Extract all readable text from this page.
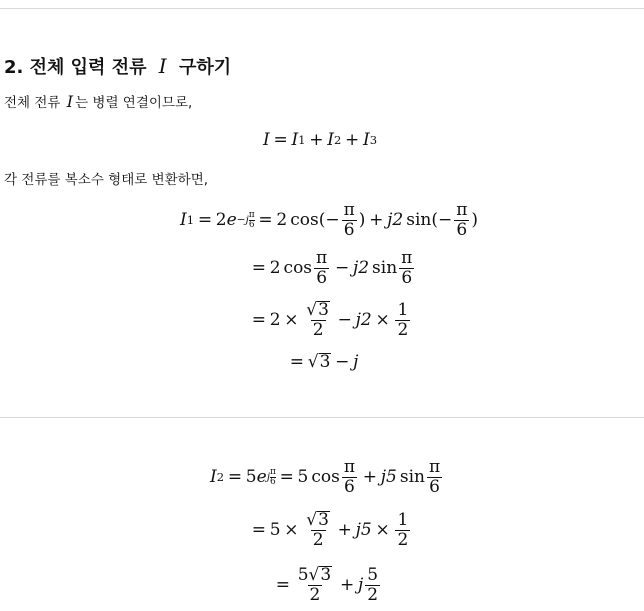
2. 전체 입력 전류 I 구하기

전체 전류 I 는 병렬 연결이므로,

I = I 1 + I 2 + I 3

각 전류를 복소수 형태로 변환하면,

I 1 = 2 e −j π
6 = 2 cos ( − $\frac{\pi}{6}$ ) + j2 sin ( − $\frac{\pi}{6}$ )
= 2 $\cos \frac{\pi}{6} - j2$ $\sin \frac{\pi}{6}$
= $2 \times \frac{√ 3}{2} - j2 \times \frac{1}{2}$
= √ 3 − j
I 2 = 5 e j π
6 = 5 $\cos \frac{\pi}{6} + j5$ $\sin \frac{\pi}{6}$
= $5 \times \frac{√ 3}{2} + j5 \times \frac{1}{2}$
= $\frac{5 √ 3}{2} + j \frac{5}{2}$
